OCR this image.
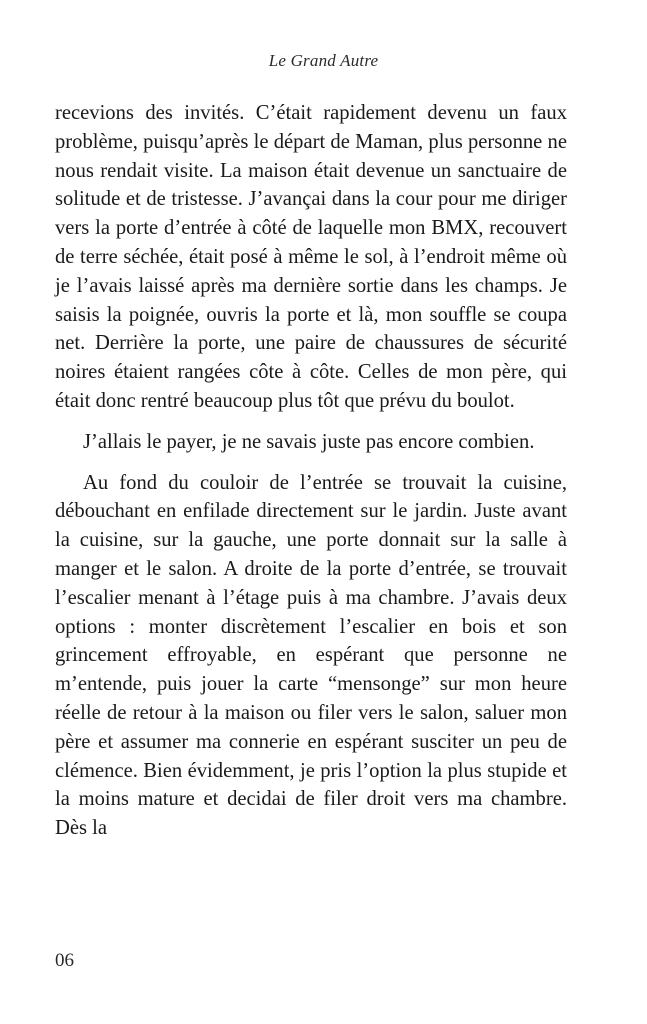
Le Grand Autre

recevions des invités. C’était rapidement devenu un faux problème, puisqu’après le départ de Maman, plus personne ne nous rendait visite. La maison était devenue un sanctuaire de solitude et de tristesse. J’avançai dans la cour pour me diriger vers la porte d’entrée à côté de laquelle mon BMX, recouvert de terre séchée, était posé à même le sol, à l’endroit même où je l’avais laissé après ma dernière sortie dans les champs. Je saisis la poignée, ouvris la porte et là, mon souffle se coupa net. Derrière la porte, une paire de chaussures de sécurité noires étaient rangées côte à côte. Celles de mon père, qui était donc rentré beaucoup plus tôt que prévu du boulot.

J’allais le payer, je ne savais juste pas encore combien.

Au fond du couloir de l’entrée se trouvait la cuisine, débouchant en enfilade directement sur le jardin. Juste avant la cuisine, sur la gauche, une porte donnait sur la salle à manger et le salon. A droite de la porte d’entrée, se trouvait l’escalier menant à l’étage puis à ma chambre. J’avais deux options : monter discrètement l’escalier en bois et son grincement effroyable, en espérant que personne ne m’entende, puis jouer la carte “mensonge” sur mon heure réelle de retour à la maison ou filer vers le salon, saluer mon père et assumer ma connerie en espérant susciter un peu de clémence. Bien évidemment, je pris l’option la plus stupide et la moins mature et decidai de filer droit vers ma chambre. Dès la

06
